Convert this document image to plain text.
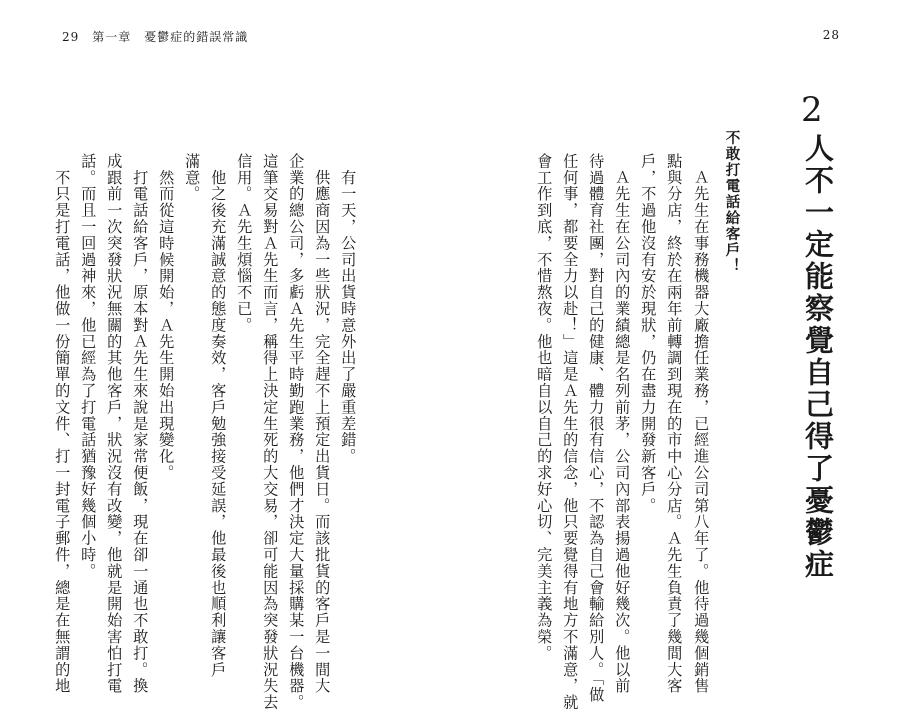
29　第一章　憂鬱症的錯誤常識	28
2
人不一定能察覺自己得了憂鬱症
不敢打電話給客戶！
　Ａ先生在事務機器大廠擔任業務，已經進公司第八年了。他待過幾個銷售
點與分店，終於在兩年前轉調到現在的市中心分店。Ａ先生負責了幾間大客
戶，不過他沒有安於現狀，仍在盡力開發新客戶。
　Ａ先生在公司內的業績總是名列前茅，公司內部表揚過他好幾次。他以前
待過體育社團，對自己的健康、體力很有信心，不認為自己會輸給別人。「做
任何事，都要全力以赴！」這是Ａ先生的信念，他只要覺得有地方不滿意，就
會工作到底，不惜熬夜。他也暗自以自己的求好心切、完美主義為榮。
　有一天，公司出貨時意外出了嚴重差錯。
　供應商因為一些狀況，完全趕不上預定出貨日。而該批貨的客戶是一間大
企業的總公司，多虧Ａ先生平時勤跑業務，他們才決定大量採購某一台機器。
這筆交易對Ａ先生而言，稱得上決定生死的大交易，卻可能因為突發狀況失去
信用。Ａ先生煩惱不已。
　他之後充滿誠意的態度奏效，客戶勉強接受延誤，他最後也順利讓客戶
滿意。
　然而從這時候開始，Ａ先生開始出現變化。
　打電話給客戶，原本對Ａ先生來說是家常便飯，現在卻一通也不敢打。換
成跟前一次突發狀況無關的其他客戶，狀況沒有改變，他就是開始害怕打電
話。而且一回過神來，他已經為了打電話猶豫好幾個小時。
　不只是打電話，他做一份簡單的文件、打一封電子郵件，總是在無謂的地
